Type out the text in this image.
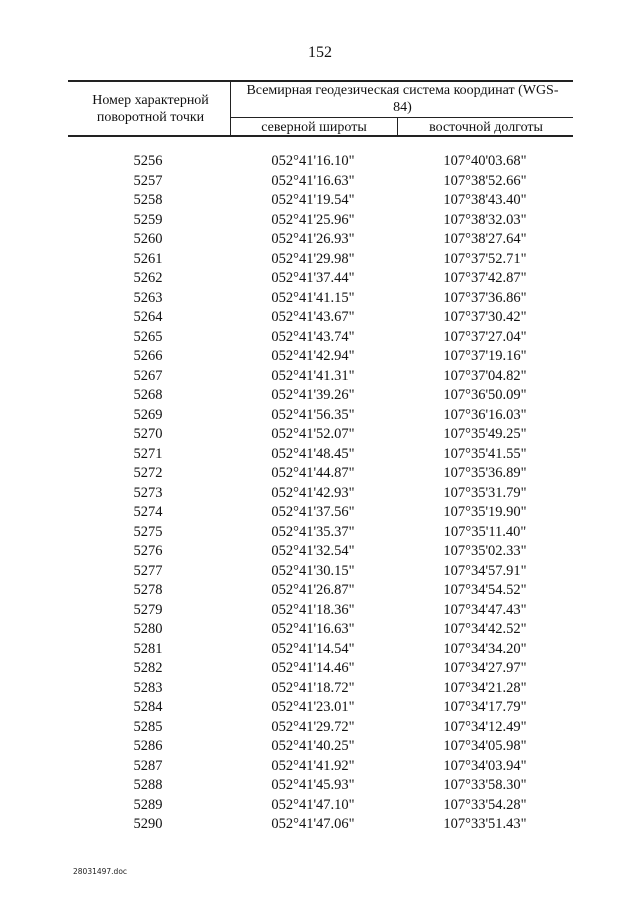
152
Номер характерной поворотной точки
Всемирная геодезическая система координат (WGS-84)
северной широты	восточной долготы
5256	052°41'16.10"	107°40'03.68"
5257	052°41'16.63"	107°38'52.66"
5258	052°41'19.54"	107°38'43.40"
5259	052°41'25.96"	107°38'32.03"
5260	052°41'26.93"	107°38'27.64"
5261	052°41'29.98"	107°37'52.71"
5262	052°41'37.44"	107°37'42.87"
5263	052°41'41.15"	107°37'36.86"
5264	052°41'43.67"	107°37'30.42"
5265	052°41'43.74"	107°37'27.04"
5266	052°41'42.94"	107°37'19.16"
5267	052°41'41.31"	107°37'04.82"
5268	052°41'39.26"	107°36'50.09"
5269	052°41'56.35"	107°36'16.03"
5270	052°41'52.07"	107°35'49.25"
5271	052°41'48.45"	107°35'41.55"
5272	052°41'44.87"	107°35'36.89"
5273	052°41'42.93"	107°35'31.79"
5274	052°41'37.56"	107°35'19.90"
5275	052°41'35.37"	107°35'11.40"
5276	052°41'32.54"	107°35'02.33"
5277	052°41'30.15"	107°34'57.91"
5278	052°41'26.87"	107°34'54.52"
5279	052°41'18.36"	107°34'47.43"
5280	052°41'16.63"	107°34'42.52"
5281	052°41'14.54"	107°34'34.20"
5282	052°41'14.46"	107°34'27.97"
5283	052°41'18.72"	107°34'21.28"
5284	052°41'23.01"	107°34'17.79"
5285	052°41'29.72"	107°34'12.49"
5286	052°41'40.25"	107°34'05.98"
5287	052°41'41.92"	107°34'03.94"
5288	052°41'45.93"	107°33'58.30"
5289	052°41'47.10"	107°33'54.28"
5290	052°41'47.06"	107°33'51.43"
28031497.doc
